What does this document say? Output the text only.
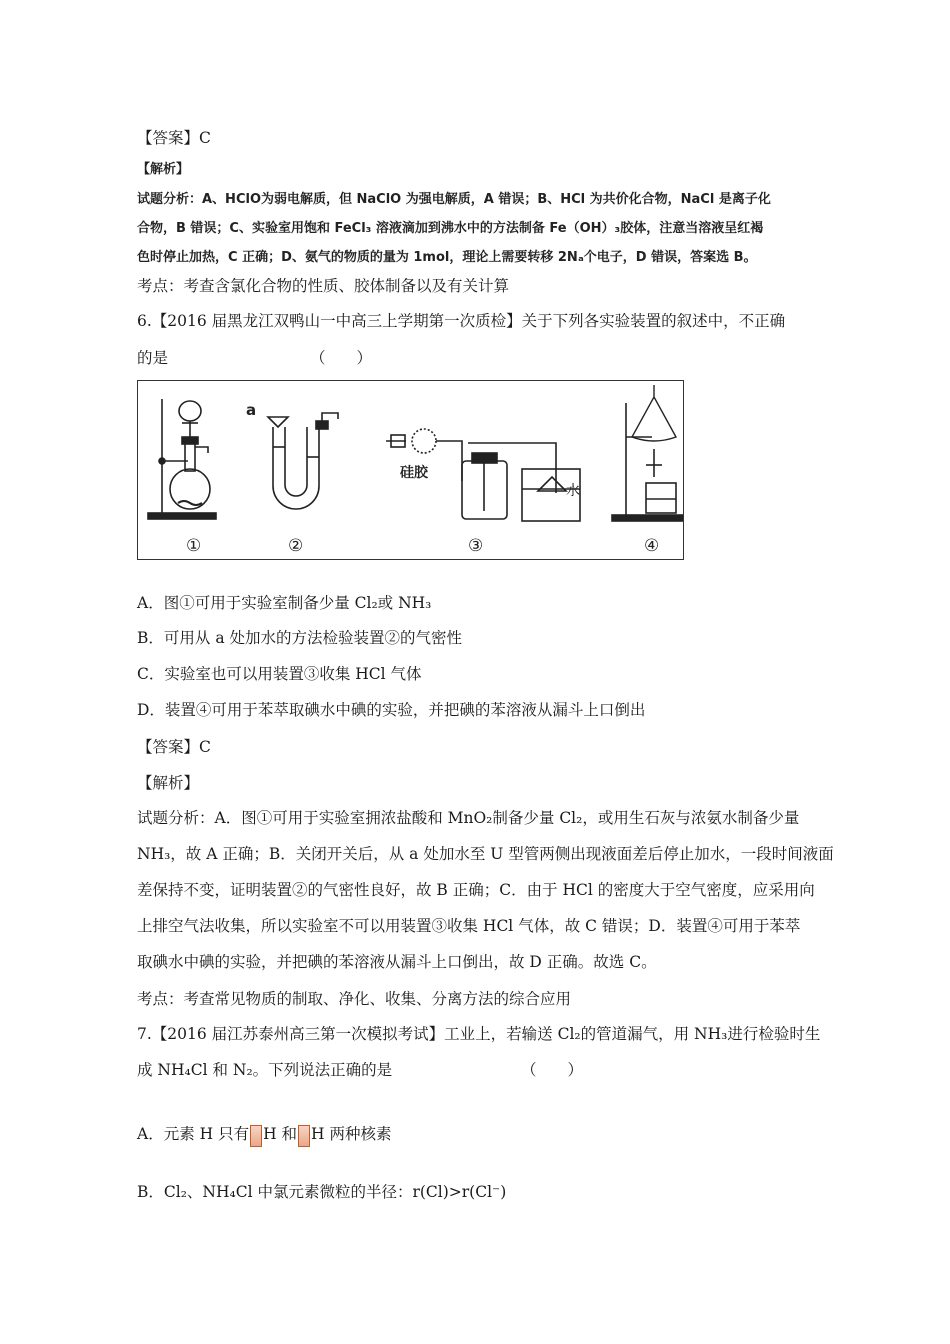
【答案】C
【解析】
试题分析：A、HClO为弱电解质，但 NaClO 为强电解质，A 错误；B、HCl 为共价化合物，NaCl 是离子化
合物，B 错误；C、实验室用饱和 FeCl₃ 溶液滴加到沸水中的方法制备 Fe（OH）₃胶体，注意当溶液呈红褐
色时停止加热，C 正确；D、氨气的物质的量为 1mol，理论上需要转移 2Nₐ个电子，D 错误，答案选 B。
考点：考查含氯化合物的性质、胶体制备以及有关计算
6.【2016 届黑龙江双鸭山一中高三上学期第一次质检】关于下列各实验装置的叙述中，不正确
的是	（　　）
a
硅胶
水
①	②	③	④
A．图①可用于实验室制备少量 Cl₂或 NH₃
B．可用从 a 处加水的方法检验装置②的气密性
C．实验室也可以用装置③收集 HCl 气体
D．装置④可用于苯萃取碘水中碘的实验，并把碘的苯溶液从漏斗上口倒出
【答案】C
【解析】
试题分析：A．图①可用于实验室拥浓盐酸和 MnO₂制备少量 Cl₂，或用生石灰与浓氨水制备少量
NH₃，故 A 正确；B．关闭开关后，从 a 处加水至 U 型管两侧出现液面差后停止加水，一段时间液面
差保持不变，证明装置②的气密性良好，故 B 正确；C．由于 HCl 的密度大于空气密度，应采用向
上排空气法收集，所以实验室不可以用装置③收集 HCl 气体，故 C 错误；D．装置④可用于苯萃
取碘水中碘的实验，并把碘的苯溶液从漏斗上口倒出，故 D 正确。故选 C。
考点：考查常见物质的制取、净化、收集、分离方法的综合应用
7.【2016 届江苏泰州高三第一次模拟考试】工业上，若输送 Cl₂的管道漏气，用 NH₃进行检验时生
成 NH₄Cl 和 N₂。下列说法正确的是	（　　）
A．元素 H 只有 H 和 H 两种核素
B．Cl₂、NH₄Cl 中氯元素微粒的半径：r(Cl)>r(Cl⁻)
